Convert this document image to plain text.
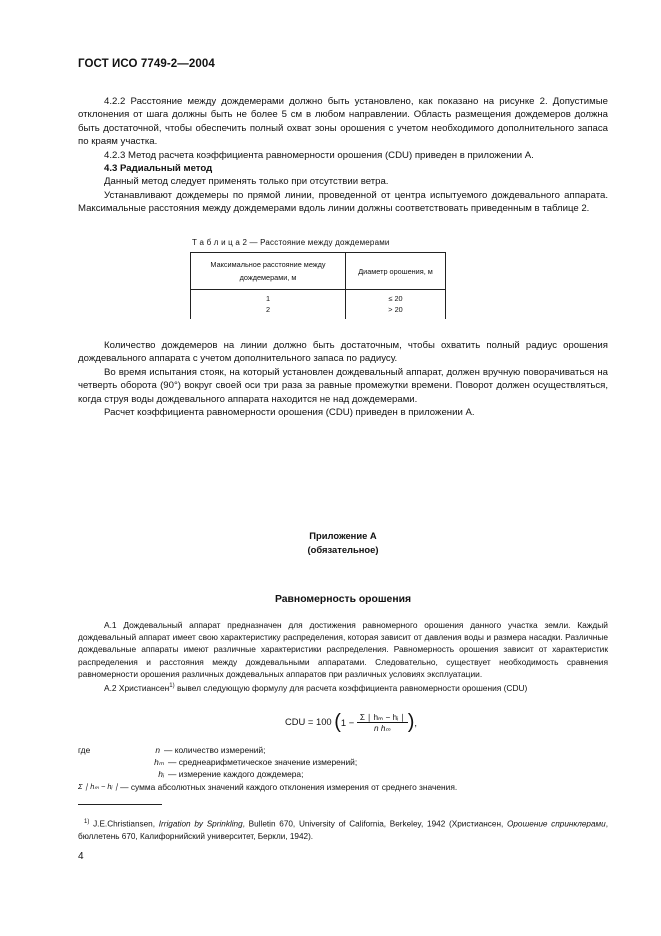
ГОСТ ИСО 7749-2—2004

4.2.2 Расстояние между дождемерами должно быть установлено, как показано на рисунке 2. Допустимые отклонения от шага должны быть не более 5 см в любом направлении. Область размещения дождемеров должна быть достаточной, чтобы обеспечить полный охват зоны орошения с учетом необходимого дополнительного запаса по краям участка.

4.2.3 Метод расчета коэффициента равномерности орошения (CDU) приведен в приложении А.

4.3 Радиальный метод

Данный метод следует применять только при отсутствии ветра.

Устанавливают дождемеры по прямой линии, проведенной от центра испытуемого дождевального аппарата. Максимальные расстояния между дождемерами вдоль линии должны соответствовать приведенным в таблице 2.

Т а б л и ц а 2 — Расстояние между дождемерами
Максимальное расстояние между дождемерами, м	Диаметр орошения, м
1	≤ 20
2	> 20

Количество дождемеров на линии должно быть достаточным, чтобы охватить полный радиус орошения дождевального аппарата с учетом дополнительного запаса по радиусу.

Во время испытания стояк, на который установлен дождевальный аппарат, должен вручную поворачиваться на четверть оборота (90°) вокруг своей оси три раза за равные промежутки времени. Поворот должен осуществляться, когда струя воды дождевального аппарата находится не над дождемерами.

Расчет коэффициента равномерности орошения (CDU) приведен в приложении А.

Приложение А
(обязательное)
Равномерность орошения

А.1 Дождевальный аппарат предназначен для достижения равномерного орошения данного участка земли. Каждый дождевальный аппарат имеет свою характеристику распределения, которая зависит от давления воды и размера насадки. Различные дождевальные аппараты имеют различные характеристики распределения. Равномерность орошения зависит от характеристик распределения и расстояния между дождевальными аппаратами. Следовательно, существует необходимость сравнения равномерности орошения различных дождевальных аппаратов при различных условиях эксплуатации.

А.2 Христиансен$^{1)}$ вывел следующую формулу для расчета коэффициента равномерности орошения (CDU)

CDU = 100 ($1 - \frac{\text{Σ ∣ hₘ − hᵢ ∣}}{\text{n hₘ}}$ ),
где	n — количество измерений;
hₘ — среднеарифметическое значение измерений;
hᵢ — измерение каждого дождемера;
Σ ∣ hₘ − hᵢ ∣ — сумма абсолютных значений каждого отклонения измерения от среднего значения.
$^{1)}$ J.E.Christiansen, Irrigation by Sprinkling, Bulletin 670, University of California, Berkeley, 1942 (Христиансен, Орошение спринклерами, бюллетень 670, Калифорнийский университет, Беркли, 1942).
4
